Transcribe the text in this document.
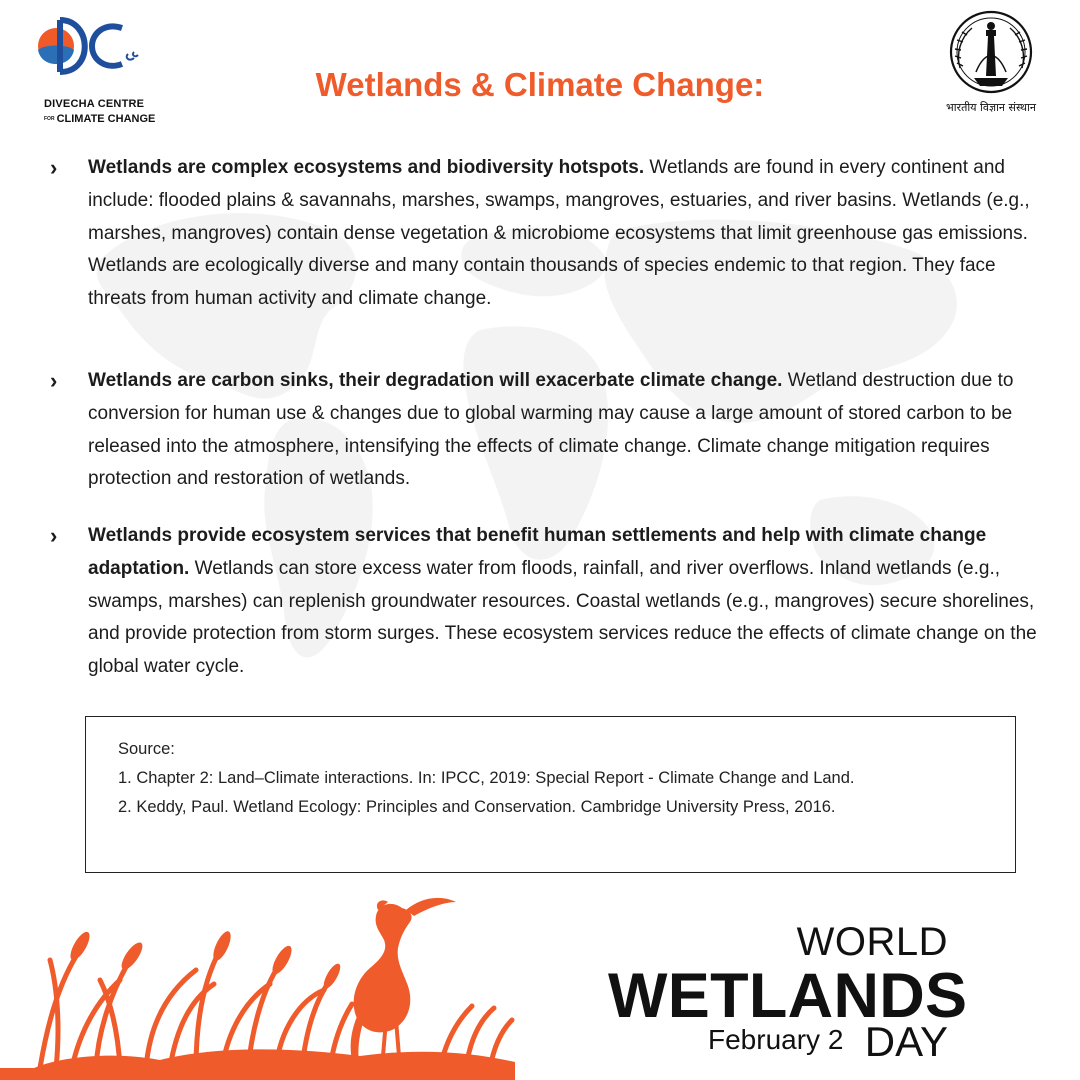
DIVECHA CENTRE
FOR CLIMATE CHANGE
Wetlands & Climate Change:
भारतीय विज्ञान संस्थान
› Wetlands are complex ecosystems and biodiversity hotspots. Wetlands are found in every continent and include: flooded plains & savannahs, marshes, swamps, mangroves, estuaries, and river basins. Wetlands (e.g., marshes, mangroves) contain dense vegetation & microbiome ecosystems that limit greenhouse gas emissions. Wetlands are ecologically diverse and many contain thousands of species endemic to that region. They face threats from human activity and climate change.
› Wetlands are carbon sinks, their degradation will exacerbate climate change. Wetland destruction due to conversion for human use & changes due to global warming may cause a large amount of stored carbon to be released into the atmosphere, intensifying the effects of climate change. Climate change mitigation requires protection and restoration of wetlands.
› Wetlands provide ecosystem services that benefit human settlements and help with climate change adaptation. Wetlands can store excess water from floods, rainfall, and river overflows. Inland wetlands (e.g., swamps, marshes) can replenish groundwater resources. Coastal wetlands (e.g., mangroves) secure shorelines, and provide protection from storm surges. These ecosystem services reduce the effects of climate change on the global water cycle.
Source:
1. Chapter 2: Land–Climate interactions. In: IPCC, 2019: Special Report - Climate Change and Land.
2. Keddy, Paul. Wetland Ecology: Principles and Conservation. Cambridge University Press, 2016.
WORLD
WETLANDS
February 2 DAY
